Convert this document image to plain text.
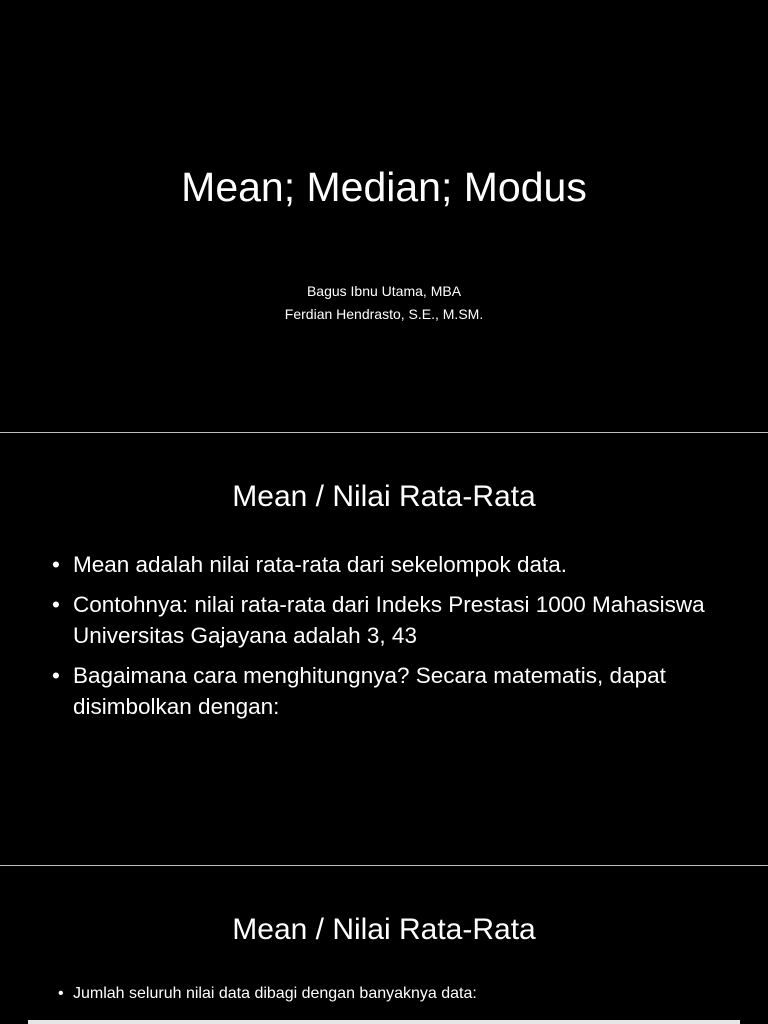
Mean; Median; Modus
Bagus Ibnu Utama, MBA
Ferdian Hendrasto, S.E., M.SM.
Mean / Nilai Rata-Rata
• Mean adalah nilai rata-rata dari sekelompok data.
• Contohnya: nilai rata-rata dari Indeks Prestasi 1000 Mahasiswa Universitas Gajayana adalah 3, 43
• Bagaimana cara menghitungnya? Secara matematis, dapat disimbolkan dengan:
Mean / Nilai Rata-Rata
• Jumlah seluruh nilai data dibagi dengan banyaknya data:
